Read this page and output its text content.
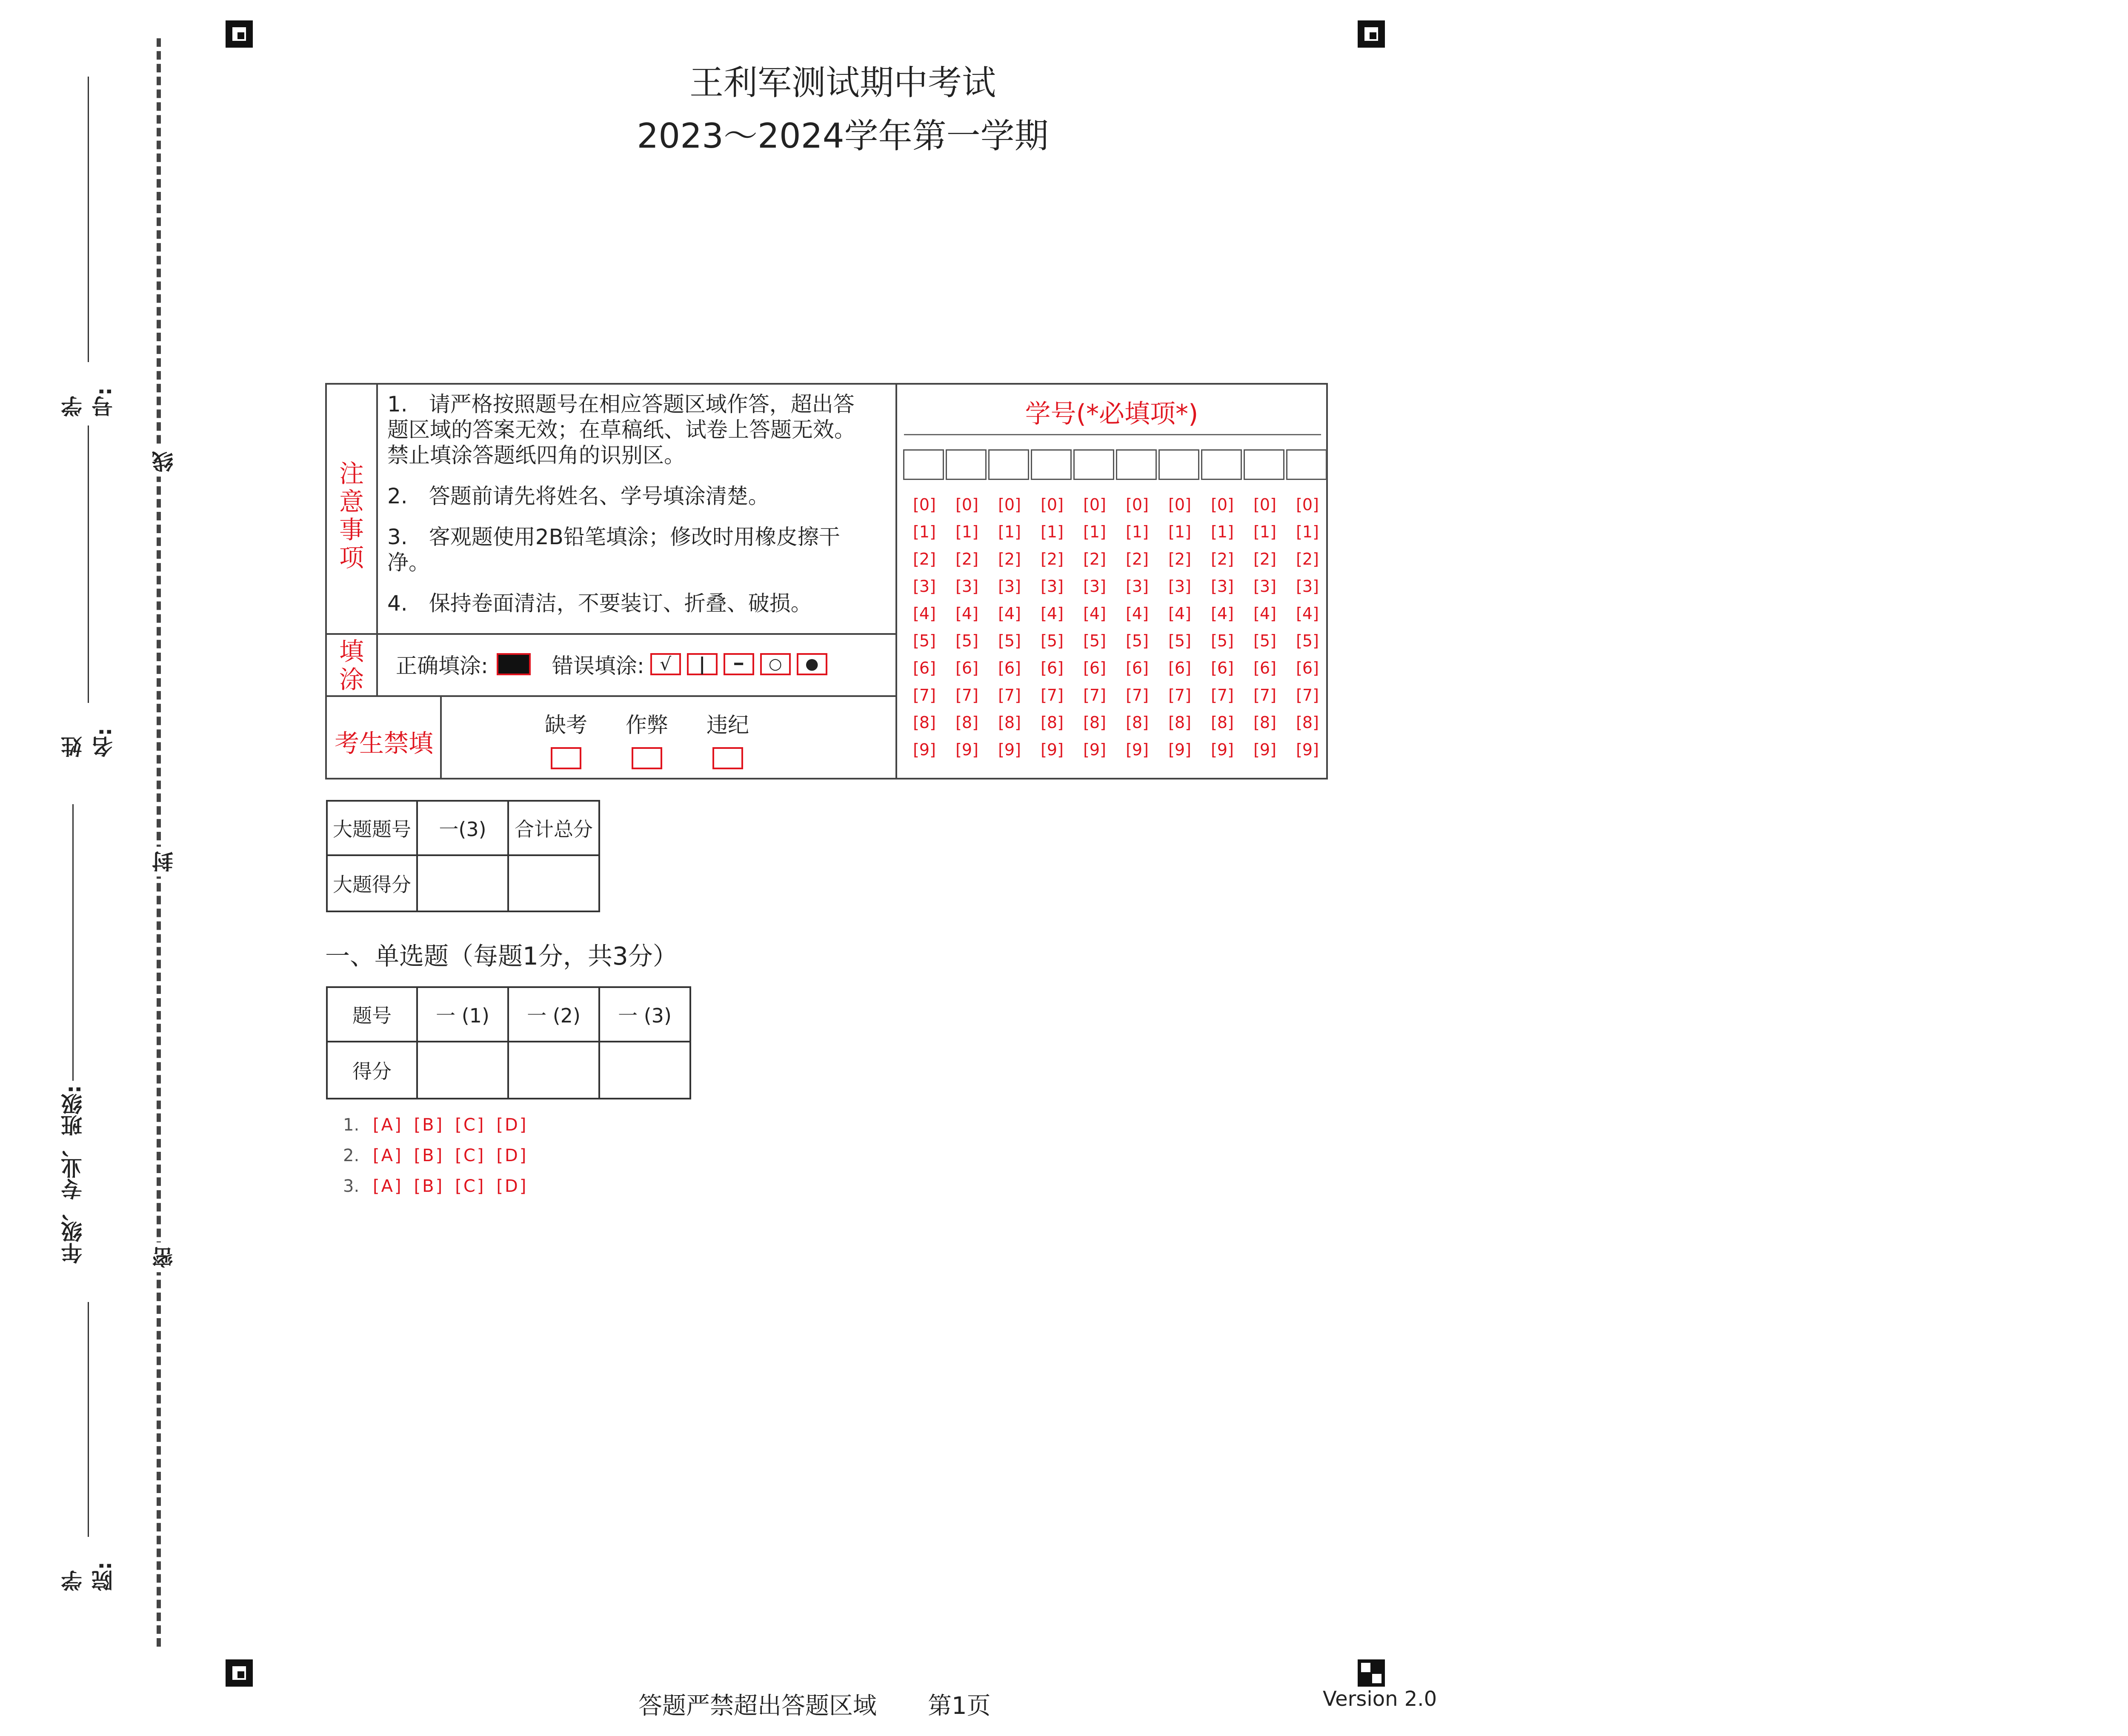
学号:
姓名:
年级、专业、班级:
学院:
线
封
密
王利军测试期中考试
2023～2024学年第一学期
注意事项
1.　请严格按照题号在相应答题区域作答，超出答题区域的答案无效；在草稿纸、试卷上答题无效。禁止填涂答题纸四角的识别区。
2.　答题前请先将姓名、学号填涂清楚。
3.　客观题使用2B铅笔填涂；修改时用橡皮擦干净。
4.　保持卷面清洁，不要装订、折叠、破损。
填涂 正确填涂:	错误填涂: √	|	━	○	●
考生禁填
缺考 作弊 违纪
学号(*必填项*)
[0]	[0]	[0]	[0]	[0]	[0]	[0]	[0]	[0]	[0]
[1]	[1]	[1]	[1]	[1]	[1]	[1]	[1]	[1]	[1]
[2]	[2]	[2]	[2]	[2]	[2]	[2]	[2]	[2]	[2]
[3]	[3]	[3]	[3]	[3]	[3]	[3]	[3]	[3]	[3]
[4]	[4]	[4]	[4]	[4]	[4]	[4]	[4]	[4]	[4]
[5]	[5]	[5]	[5]	[5]	[5]	[5]	[5]	[5]	[5]
[6]	[6]	[6]	[6]	[6]	[6]	[6]	[6]	[6]	[6]
[7]	[7]	[7]	[7]	[7]	[7]	[7]	[7]	[7]	[7]
[8]	[8]	[8]	[8]	[8]	[8]	[8]	[8]	[8]	[8]
[9]	[9]	[9]	[9]	[9]	[9]	[9]	[9]	[9]	[9]
大题题号	一(3)	合计总分
大题得分		
一、单选题（每题1分，共3分）
题号	一 (1)	一 (2)	一 (3)
得分			
1. [A] [B] [C] [D]
2. [A] [B] [C] [D]
3. [A] [B] [C] [D]
答题严禁超出答题区域 第1页	Version 2.0
